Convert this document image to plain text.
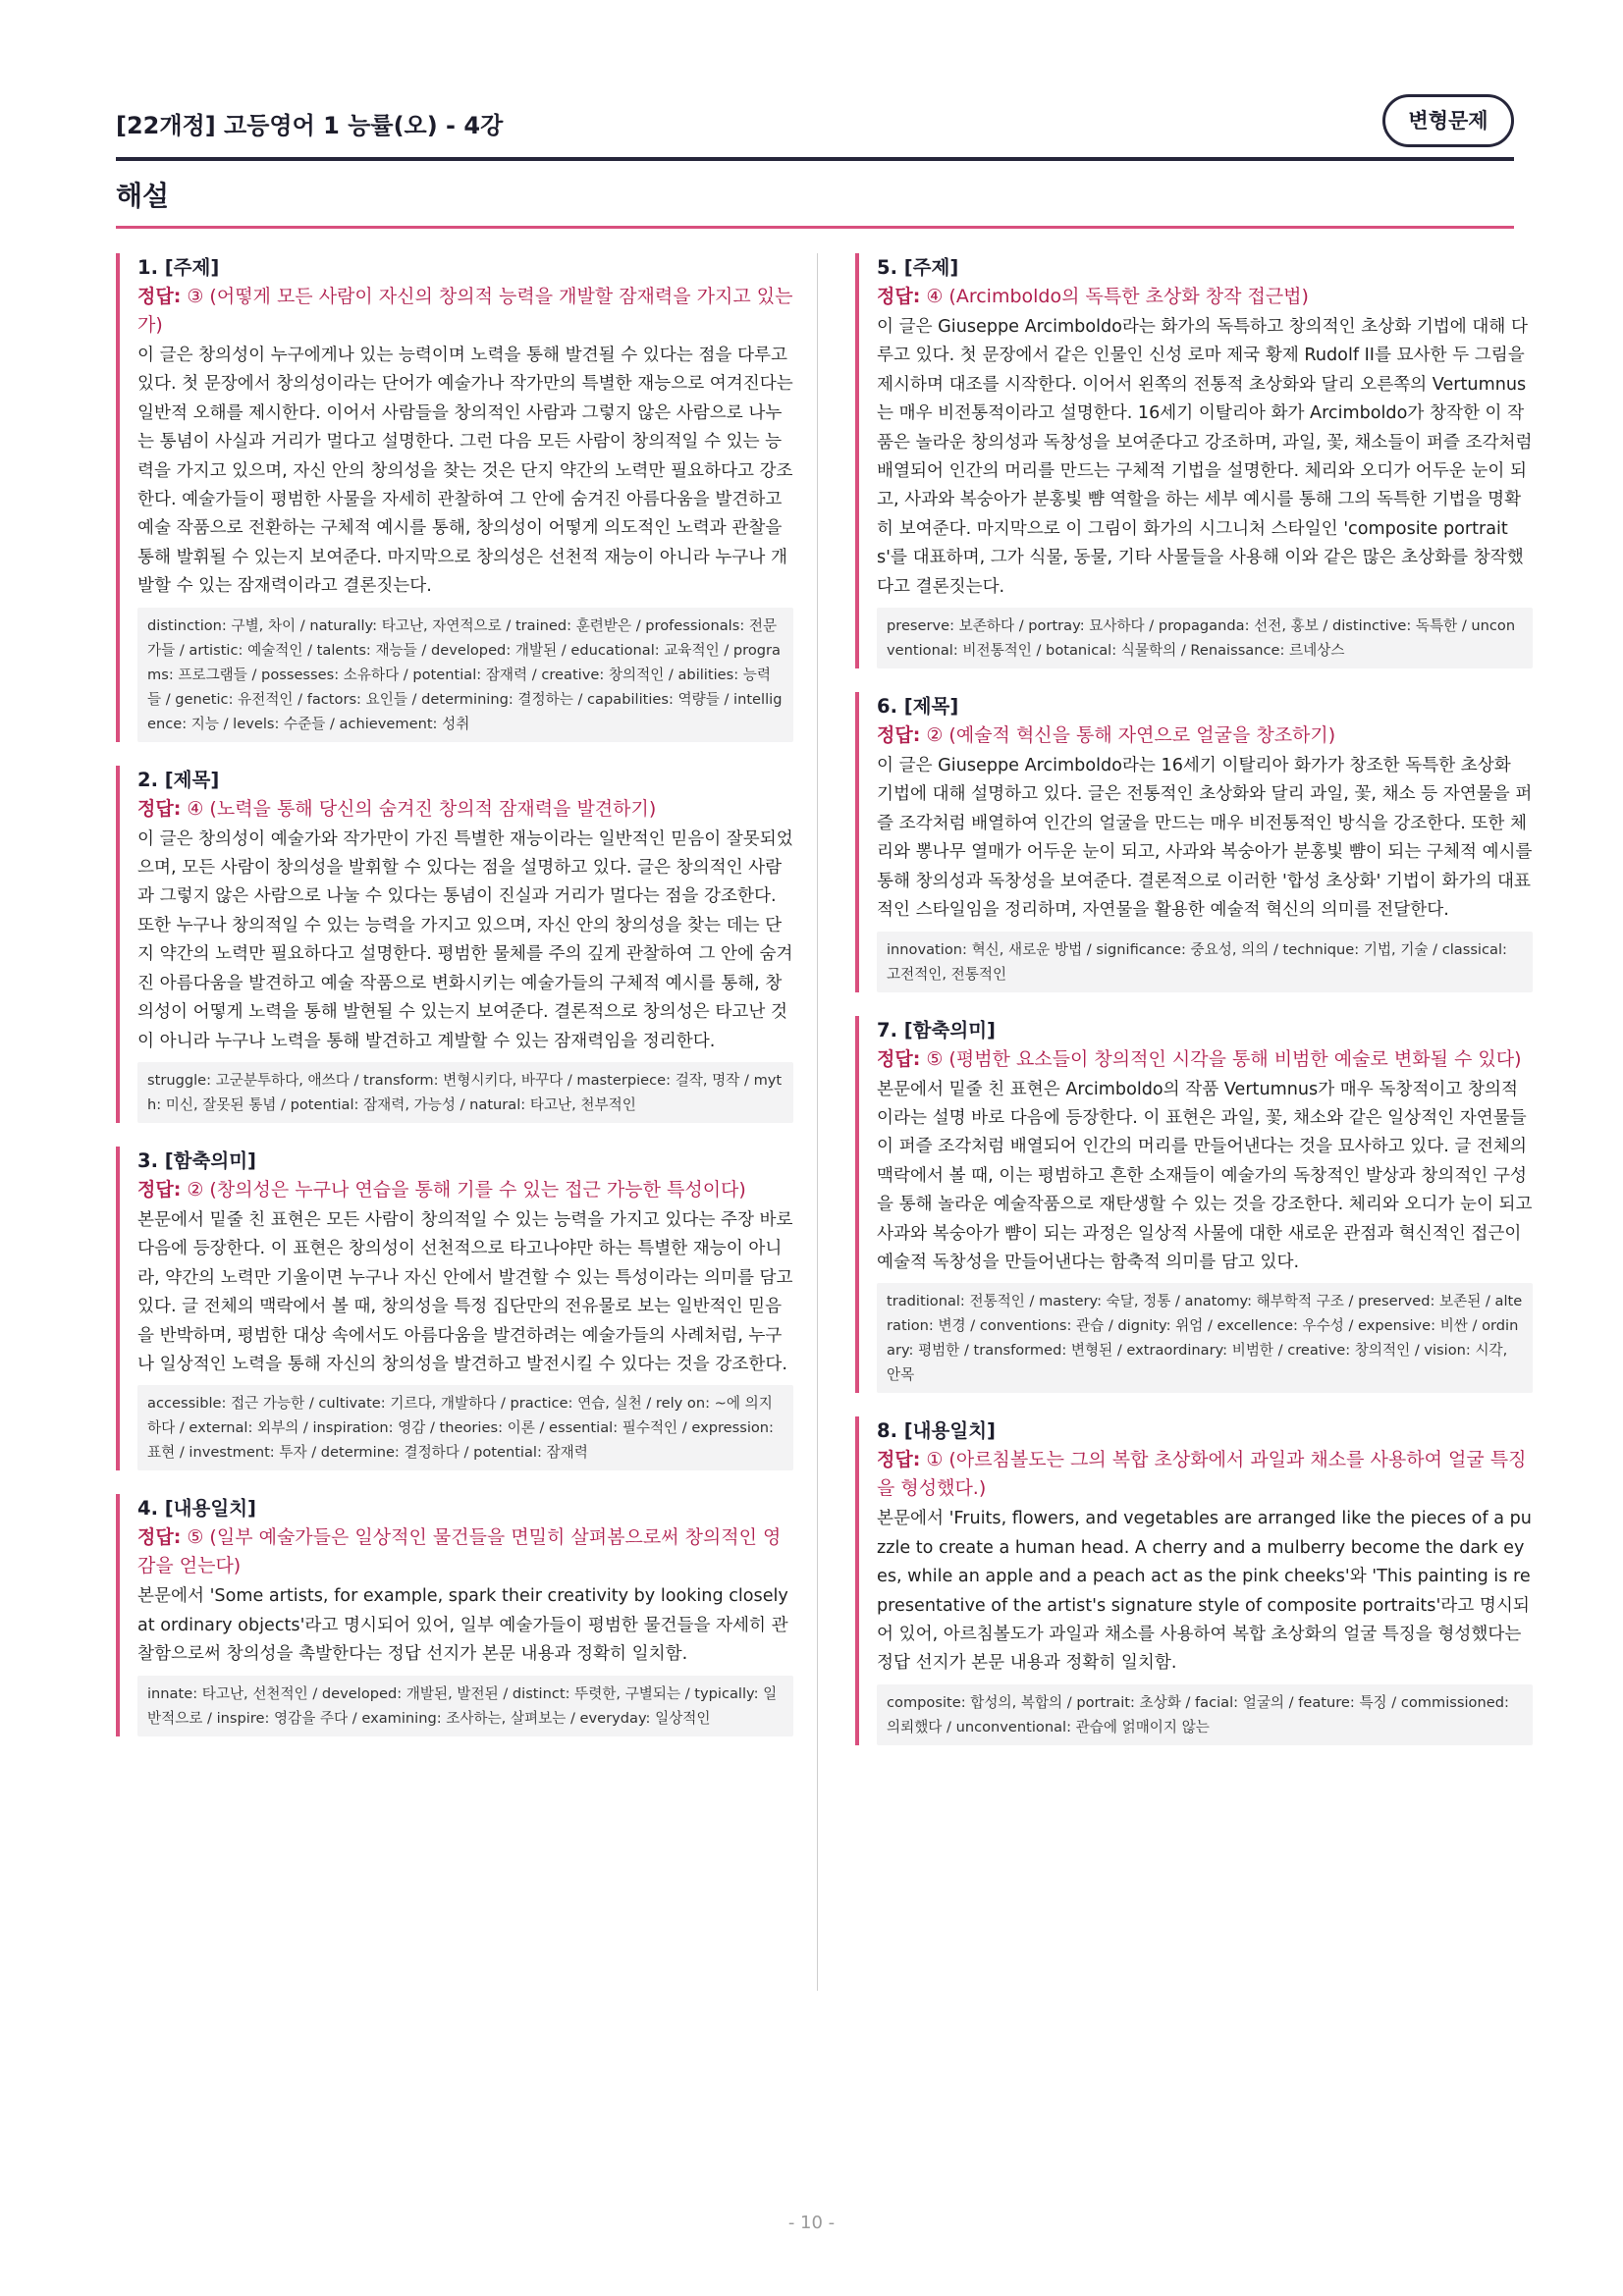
[22개정] 고등영어 1 능률(오) - 4강	변형문제
해설
1. [주제]
정답: ③ (어떻게 모든 사람이 자신의 창의적 능력을 개발할 잠재력을 가지고 있는가)
이 글은 창의성이 누구에게나 있는 능력이며 노력을 통해 발견될 수 있다는 점을 다루고 있다. 첫 문장에서 창의성이라는 단어가 예술가나 작가만의 특별한 재능으로 여겨진다는 일반적 오해를 제시한다. 이어서 사람들을 창의적인 사람과 그렇지 않은 사람으로 나누는 통념이 사실과 거리가 멀다고 설명한다. 그런 다음 모든 사람이 창의적일 수 있는 능력을 가지고 있으며, 자신 안의 창의성을 찾는 것은 단지 약간의 노력만 필요하다고 강조한다. 예술가들이 평범한 사물을 자세히 관찰하여 그 안에 숨겨진 아름다움을 발견하고 예술 작품으로 전환하는 구체적 예시를 통해, 창의성이 어떻게 의도적인 노력과 관찰을 통해 발휘될 수 있는지 보여준다. 마지막으로 창의성은 선천적 재능이 아니라 누구나 개발할 수 있는 잠재력이라고 결론짓는다.
distinction: 구별, 차이 / naturally: 타고난, 자연적으로 / trained: 훈련받은 / professionals: 전문가들 / artistic: 예술적인 / talents: 재능들 / developed: 개발된 / educational: 교육적인 / programs: 프로그램들 / possesses: 소유하다 / potential: 잠재력 / creative: 창의적인 / abilities: 능력들 / genetic: 유전적인 / factors: 요인들 / determining: 결정하는 / capabilities: 역량들 / intelligence: 지능 / levels: 수준들 / achievement: 성취
2. [제목]
정답: ④ (노력을 통해 당신의 숨겨진 창의적 잠재력을 발견하기)
이 글은 창의성이 예술가와 작가만이 가진 특별한 재능이라는 일반적인 믿음이 잘못되었으며, 모든 사람이 창의성을 발휘할 수 있다는 점을 설명하고 있다. 글은 창의적인 사람과 그렇지 않은 사람으로 나눌 수 있다는 통념이 진실과 거리가 멀다는 점을 강조한다. 또한 누구나 창의적일 수 있는 능력을 가지고 있으며, 자신 안의 창의성을 찾는 데는 단지 약간의 노력만 필요하다고 설명한다. 평범한 물체를 주의 깊게 관찰하여 그 안에 숨겨진 아름다움을 발견하고 예술 작품으로 변화시키는 예술가들의 구체적 예시를 통해, 창의성이 어떻게 노력을 통해 발현될 수 있는지 보여준다. 결론적으로 창의성은 타고난 것이 아니라 누구나 노력을 통해 발견하고 계발할 수 있는 잠재력임을 정리한다.
struggle: 고군분투하다, 애쓰다 / transform: 변형시키다, 바꾸다 / masterpiece: 걸작, 명작 / myth: 미신, 잘못된 통념 / potential: 잠재력, 가능성 / natural: 타고난, 천부적인
3. [함축의미]
정답: ② (창의성은 누구나 연습을 통해 기를 수 있는 접근 가능한 특성이다)
본문에서 밑줄 친 표현은 모든 사람이 창의적일 수 있는 능력을 가지고 있다는 주장 바로 다음에 등장한다. 이 표현은 창의성이 선천적으로 타고나야만 하는 특별한 재능이 아니라, 약간의 노력만 기울이면 누구나 자신 안에서 발견할 수 있는 특성이라는 의미를 담고 있다. 글 전체의 맥락에서 볼 때, 창의성을 특정 집단만의 전유물로 보는 일반적인 믿음을 반박하며, 평범한 대상 속에서도 아름다움을 발견하려는 예술가들의 사례처럼, 누구나 일상적인 노력을 통해 자신의 창의성을 발견하고 발전시킬 수 있다는 것을 강조한다.
accessible: 접근 가능한 / cultivate: 기르다, 개발하다 / practice: 연습, 실천 / rely on: ~에 의지하다 / external: 외부의 / inspiration: 영감 / theories: 이론 / essential: 필수적인 / expression: 표현 / investment: 투자 / determine: 결정하다 / potential: 잠재력
4. [내용일치]
정답: ⑤ (일부 예술가들은 일상적인 물건들을 면밀히 살펴봄으로써 창의적인 영감을 얻는다)
본문에서 'Some artists, for example, spark their creativity by looking closely at ordinary objects'라고 명시되어 있어, 일부 예술가들이 평범한 물건들을 자세히 관찰함으로써 창의성을 촉발한다는 정답 선지가 본문 내용과 정확히 일치함.
innate: 타고난, 선천적인 / developed: 개발된, 발전된 / distinct: 뚜렷한, 구별되는 / typically: 일반적으로 / inspire: 영감을 주다 / examining: 조사하는, 살펴보는 / everyday: 일상적인
5. [주제]
정답: ④ (Arcimboldo의 독특한 초상화 창작 접근법)
이 글은 Giuseppe Arcimboldo라는 화가의 독특하고 창의적인 초상화 기법에 대해 다루고 있다. 첫 문장에서 같은 인물인 신성 로마 제국 황제 Rudolf II를 묘사한 두 그림을 제시하며 대조를 시작한다. 이어서 왼쪽의 전통적 초상화와 달리 오른쪽의 Vertumnus는 매우 비전통적이라고 설명한다. 16세기 이탈리아 화가 Arcimboldo가 창작한 이 작품은 놀라운 창의성과 독창성을 보여준다고 강조하며, 과일, 꽃, 채소들이 퍼즐 조각처럼 배열되어 인간의 머리를 만드는 구체적 기법을 설명한다. 체리와 오디가 어두운 눈이 되고, 사과와 복숭아가 분홍빛 뺨 역할을 하는 세부 예시를 통해 그의 독특한 기법을 명확히 보여준다. 마지막으로 이 그림이 화가의 시그니처 스타일인 'composite portraits'를 대표하며, 그가 식물, 동물, 기타 사물들을 사용해 이와 같은 많은 초상화를 창작했다고 결론짓는다.
preserve: 보존하다 / portray: 묘사하다 / propaganda: 선전, 홍보 / distinctive: 독특한 / unconventional: 비전통적인 / botanical: 식물학의 / Renaissance: 르네상스
6. [제목]
정답: ② (예술적 혁신을 통해 자연으로 얼굴을 창조하기)
이 글은 Giuseppe Arcimboldo라는 16세기 이탈리아 화가가 창조한 독특한 초상화 기법에 대해 설명하고 있다. 글은 전통적인 초상화와 달리 과일, 꽃, 채소 등 자연물을 퍼즐 조각처럼 배열하여 인간의 얼굴을 만드는 매우 비전통적인 방식을 강조한다. 또한 체리와 뽕나무 열매가 어두운 눈이 되고, 사과와 복숭아가 분홍빛 뺨이 되는 구체적 예시를 통해 창의성과 독창성을 보여준다. 결론적으로 이러한 '합성 초상화' 기법이 화가의 대표적인 스타일임을 정리하며, 자연물을 활용한 예술적 혁신의 의미를 전달한다.
innovation: 혁신, 새로운 방법 / significance: 중요성, 의의 / technique: 기법, 기술 / classical: 고전적인, 전통적인
7. [함축의미]
정답: ⑤ (평범한 요소들이 창의적인 시각을 통해 비범한 예술로 변화될 수 있다)
본문에서 밑줄 친 표현은 Arcimboldo의 작품 Vertumnus가 매우 독창적이고 창의적이라는 설명 바로 다음에 등장한다. 이 표현은 과일, 꽃, 채소와 같은 일상적인 자연물들이 퍼즐 조각처럼 배열되어 인간의 머리를 만들어낸다는 것을 묘사하고 있다. 글 전체의 맥락에서 볼 때, 이는 평범하고 흔한 소재들이 예술가의 독창적인 발상과 창의적인 구성을 통해 놀라운 예술작품으로 재탄생할 수 있는 것을 강조한다. 체리와 오디가 눈이 되고 사과와 복숭아가 뺨이 되는 과정은 일상적 사물에 대한 새로운 관점과 혁신적인 접근이 예술적 독창성을 만들어낸다는 함축적 의미를 담고 있다.
traditional: 전통적인 / mastery: 숙달, 정통 / anatomy: 해부학적 구조 / preserved: 보존된 / alteration: 변경 / conventions: 관습 / dignity: 위엄 / excellence: 우수성 / expensive: 비싼 / ordinary: 평범한 / transformed: 변형된 / extraordinary: 비범한 / creative: 창의적인 / vision: 시각, 안목
8. [내용일치]
정답: ① (아르침볼도는 그의 복합 초상화에서 과일과 채소를 사용하여 얼굴 특징을 형성했다.)
본문에서 'Fruits, flowers, and vegetables are arranged like the pieces of a puzzle to create a human head. A cherry and a mulberry become the dark eyes, while an apple and a peach act as the pink cheeks'와 'This painting is representative of the artist's signature style of composite portraits'라고 명시되어 있어, 아르침볼도가 과일과 채소를 사용하여 복합 초상화의 얼굴 특징을 형성했다는 정답 선지가 본문 내용과 정확히 일치함.
composite: 합성의, 복합의 / portrait: 초상화 / facial: 얼굴의 / feature: 특징 / commissioned: 의뢰했다 / unconventional: 관습에 얽매이지 않는
- 10 -
